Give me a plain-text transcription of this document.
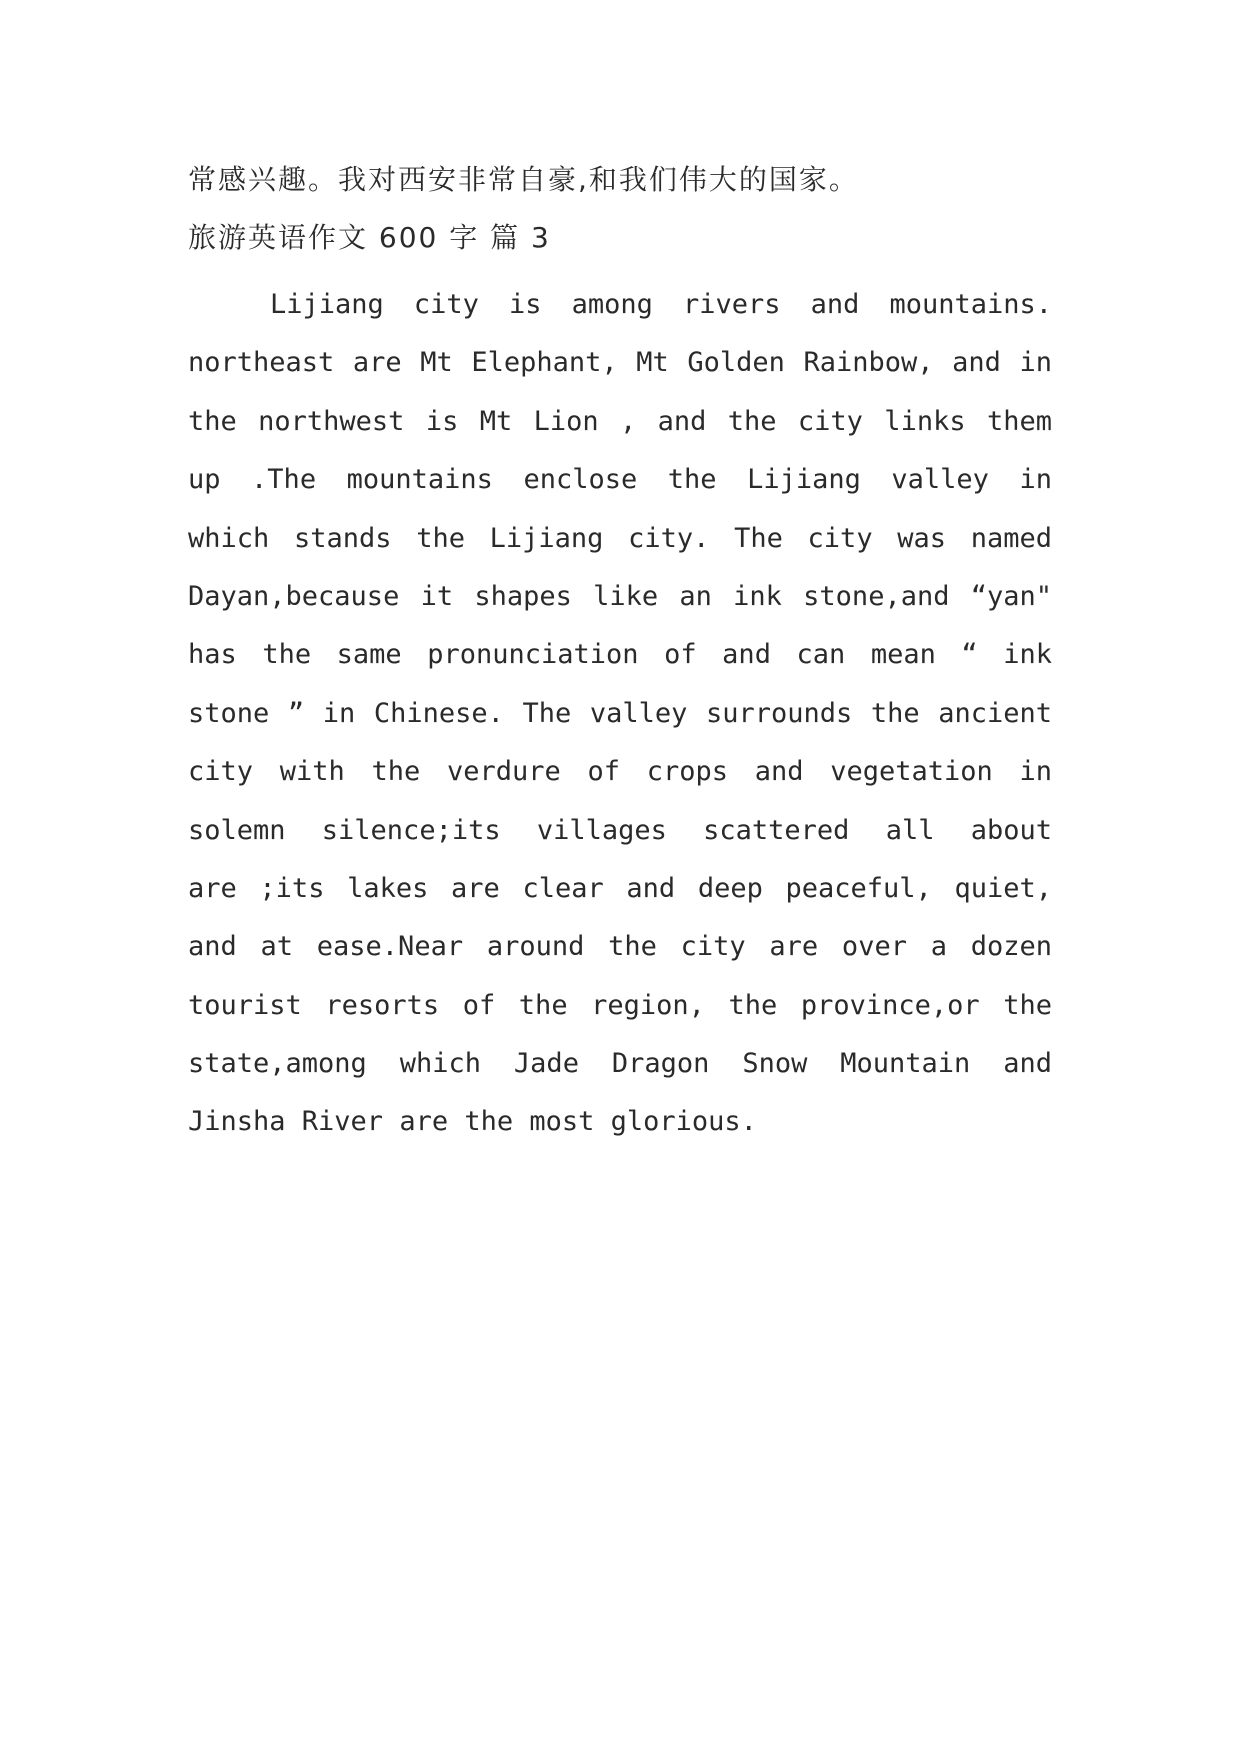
常感兴趣。我对西安非常自豪,和我们伟大的国家。
旅游英语作文 600 字 篇 3
Lijiang city is among rivers and mountains.
northeast are Mt Elephant, Mt Golden Rainbow, and in
the northwest is Mt Lion , and the city links them
up .The mountains enclose the Lijiang valley in
which stands the Lijiang city. The city was named
Dayan,because it shapes like an ink stone,and “yan"
has the same pronunciation of and can mean “ ink
stone ” in Chinese. The valley surrounds the ancient
city with the verdure of crops and vegetation in
solemn silence;its villages scattered all about
are ;its lakes are clear and deep peaceful, quiet,
and at ease.Near around the city are over a dozen
tourist resorts of the region, the province,or the
state,among which Jade Dragon Snow Mountain and
Jinsha River are the most glorious.
